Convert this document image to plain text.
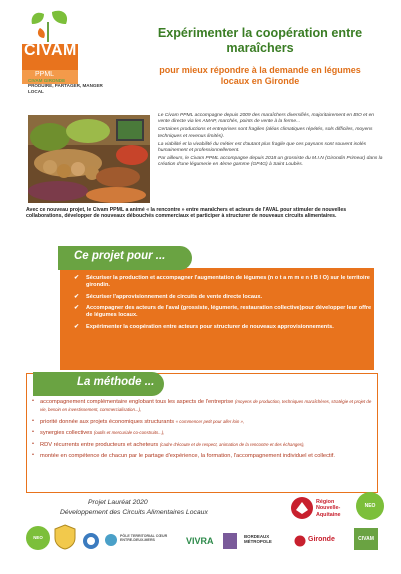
CIVAM
PPML
CIVAM GIRONDE
PRODUIRE, PARTAGER, MANGER LOCAL
Expérimenter la coopération entre maraîchers
pour mieux répondre à la demande en légumes locaux en Gironde

Le Civam PPML accompagne depuis 2009 des maraîchers diversifiés, majoritairement en BIO et en vente directe via les AMAP, marchés, points de vente à la ferme...

Certaines productions et entreprises sont fragiles (aléas climatiques répétés, sols difficiles, moyens techniques et revenus limités).

La viabilité et la vivabilité du métier est d'autant plus fragile que ces paysans sont souvent isolés humainement et professionnellement.

Par ailleurs, le Civam PPML accompagne depuis 2018 un grossiste du M.I.N (Girondin Primeur) dans la création d'une légumerie en 4ème gamme (GP4G) à Saint Loubès.

Avec ce nouveau projet, le Civam PPML a animé « la rencontre » entre maraîchers et acteurs de l'AVAL pour stimuler de nouvelles collaborations, développer de nouveaux débouchés commerciaux et participer à structurer de nouveaux circuits alimentaires.
Ce projet pour ...
✔ Sécuriser la production et accompagner l'augmentation de légumes (n o t a m m e n t B I O) sur le territoire girondin.
✔ Sécuriser l'approvisionnement de circuits de vente directe locaux.
✔ Accompagner des acteurs de l'aval (grossiste, légumerie, restauration collective)pour développer leur offre de légumes locaux.
✔ Expérimenter la coopération entre acteurs pour structurer de nouveaux approvisionnements.
La méthode ...
• accompagnement complémentaire englobant tous les aspects de l'entreprise (moyens de production, techniques maraîchères, stratégie et projet de vie, besoin en investissement, commercialisation...),
• priorité donnée aux projets économiques structurants « commencer petit pour aller loin »,
• synergies collectives (outils et mercuriale co-construits...),
• RDV récurrents entre producteurs et acheteurs (cadre d'écoute et de respect, animation de la rencontre et des échanges),
• montée en compétence de chacun par le partage d'expérience, la formation, l'accompagnement individuel et collectif.
Projet Lauréat 2020
Développement des Circuits Alimentaires Locaux
Région Nouvelle-Aquitaine
NEO
NEO TERRA
PÔLE TERRITORIAL CŒUR ENTRE-DEUX-MERS	VIVRA	BORDEAUX MÉTROPOLE	Gironde	CIVAM
